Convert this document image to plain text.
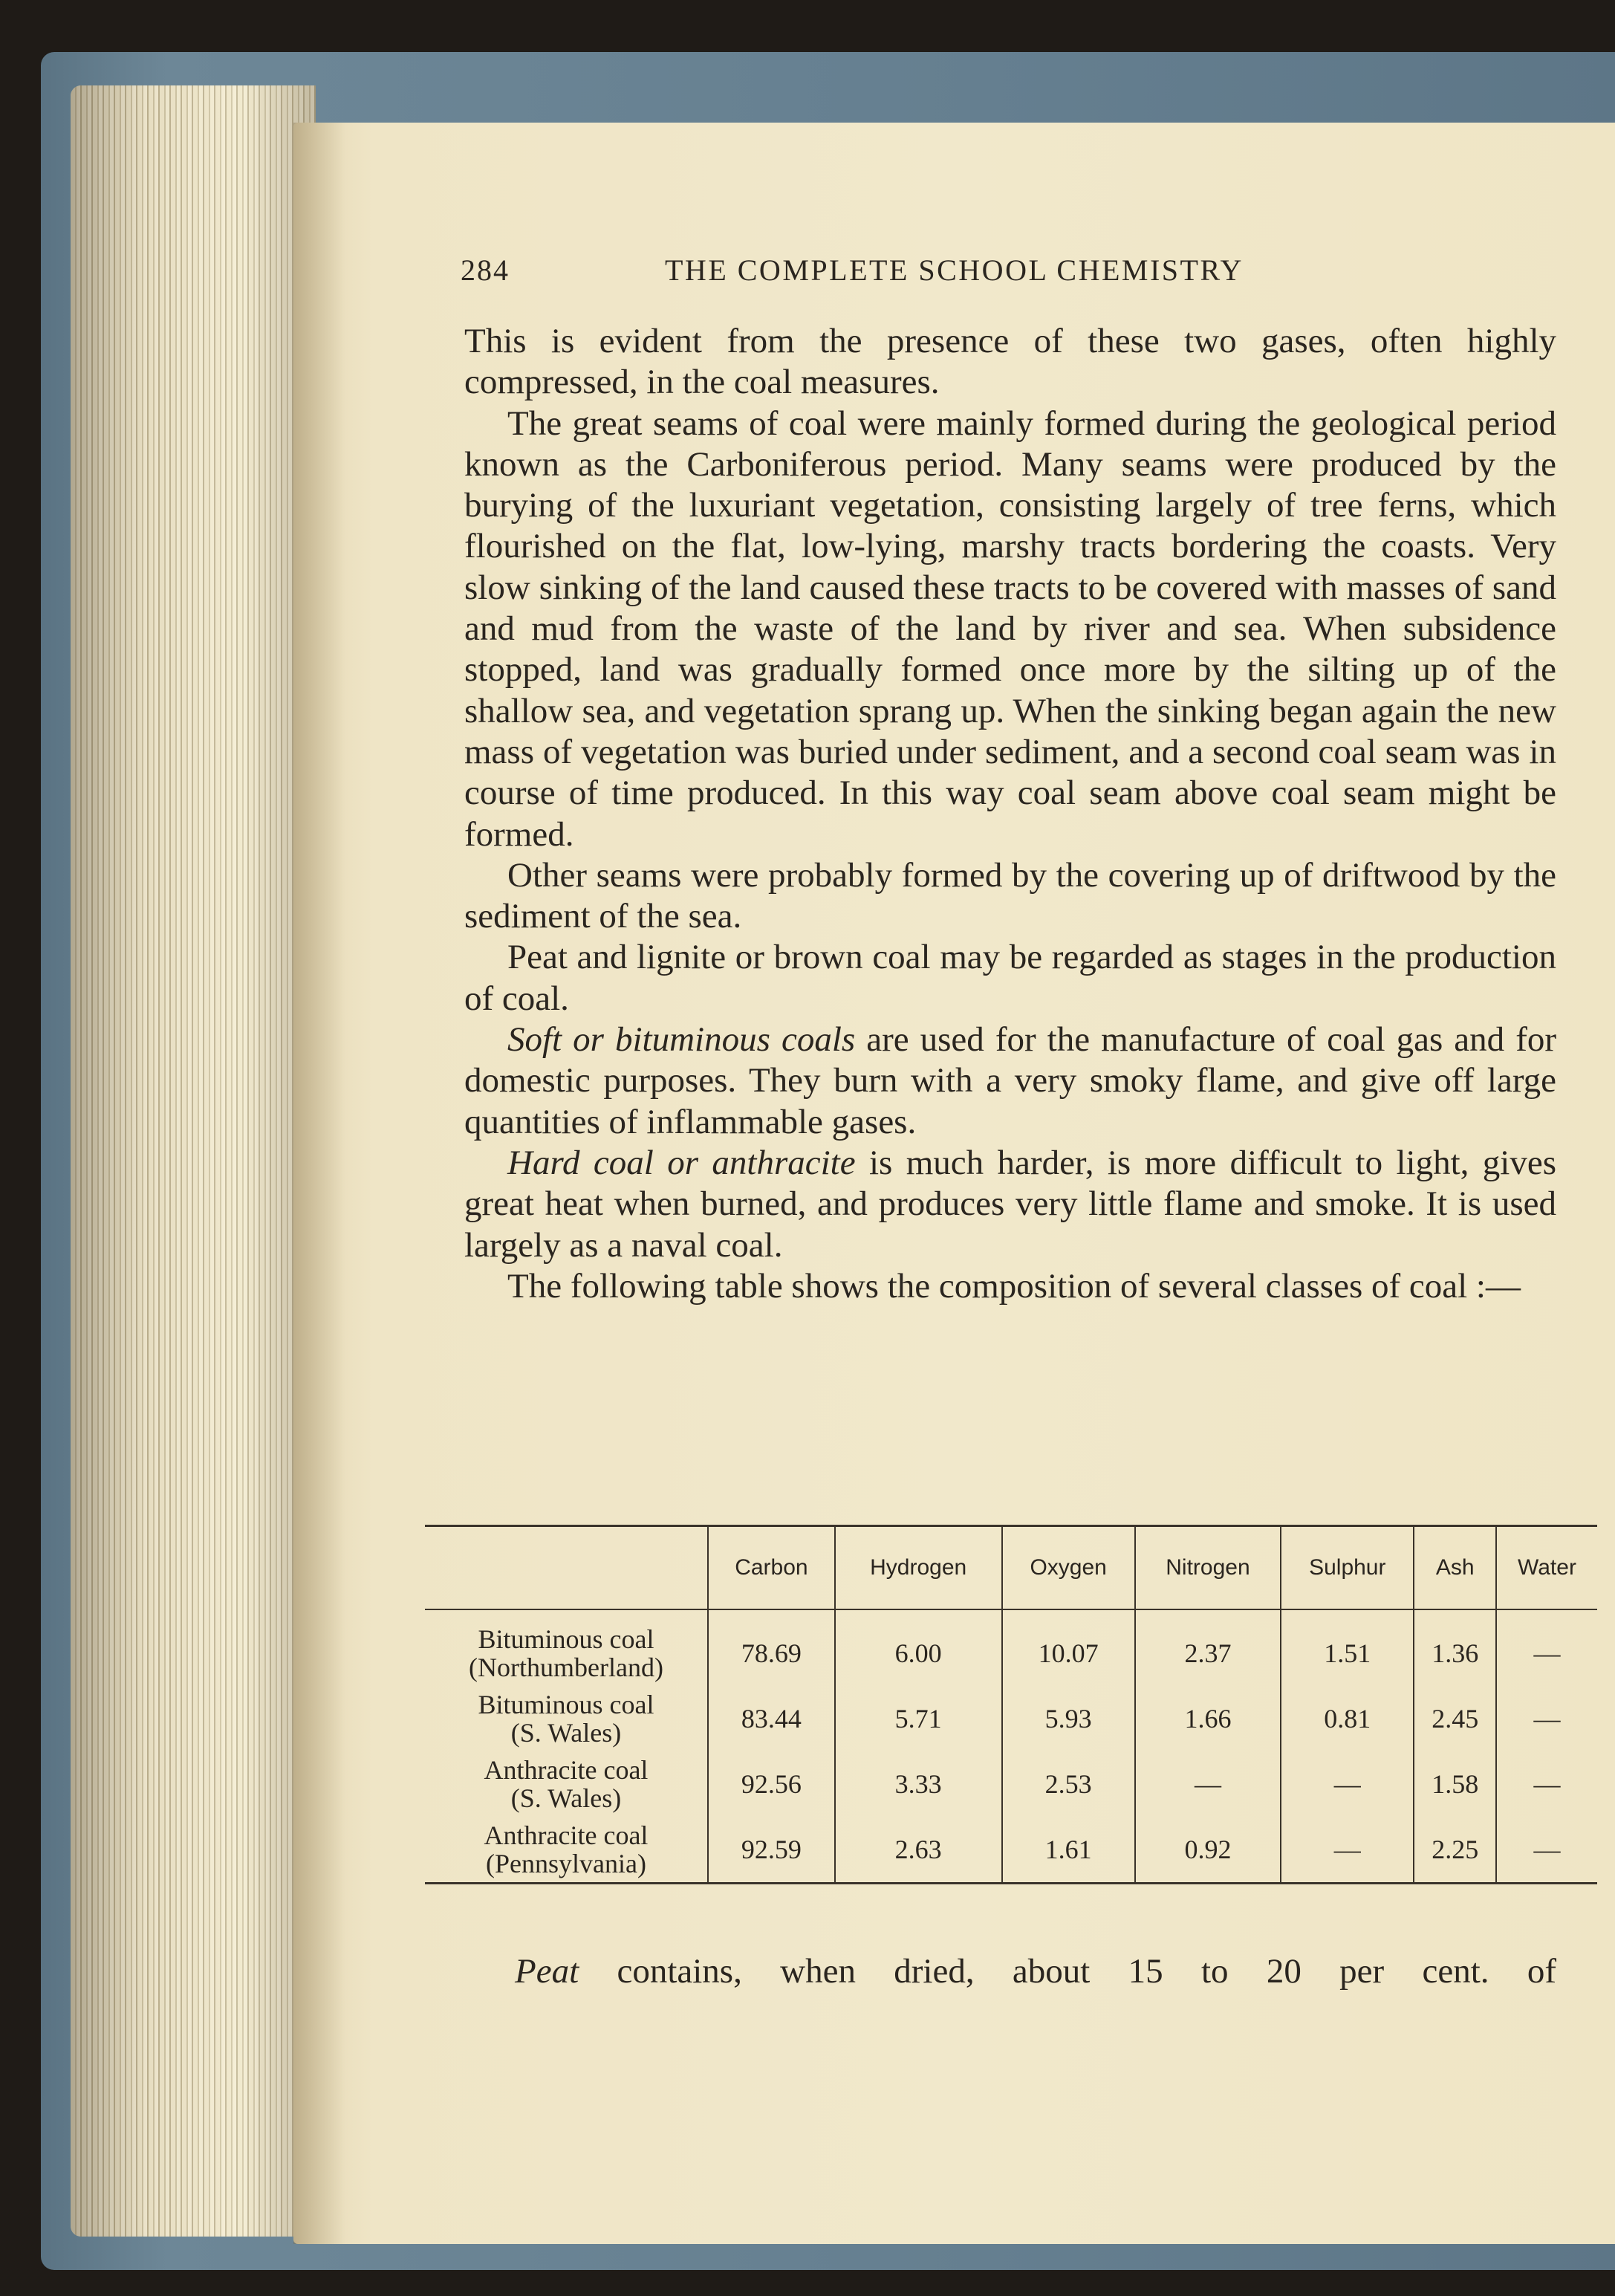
284	THE COMPLETE SCHOOL CHEMISTRY

This is evident from the presence of these two gases, often highly compressed, in the coal measures.

The great seams of coal were mainly formed during the geological period known as the Carboniferous period. Many seams were produced by the burying of the luxuriant vegetation, consisting largely of tree ferns, which flourished on the flat, low-lying, marshy tracts bordering the coasts. Very slow sinking of the land caused these tracts to be covered with masses of sand and mud from the waste of the land by river and sea. When subsidence stopped, land was gradually formed once more by the silting up of the shallow sea, and vegetation sprang up. When the sinking began again the new mass of vegetation was buried under sediment, and a second coal seam was in course of time produced. In this way coal seam above coal seam might be formed.

Other seams were probably formed by the covering up of driftwood by the sediment of the sea.

Peat and lignite or brown coal may be regarded as stages in the production of coal.

Soft or bituminous coals are used for the manufacture of coal gas and for domestic purposes. They burn with a very smoky flame, and give off large quantities of inflammable gases.

Hard coal or anthracite is much harder, is more difficult to light, gives great heat when burned, and produces very little flame and smoke. It is used largely as a naval coal.

The following table shows the composition of several classes of coal :—

	Carbon	Hydrogen	Oxygen	Nitrogen	Sulphur	Ash	Water
Bituminous coal
(Northumberland)	78.69	6.00	10.07	2.37	1.51	1.36	—
Bituminous coal
(S. Wales)	83.44	5.71	5.93	1.66	0.81	2.45	—
Anthracite coal
(S. Wales)	92.56	3.33	2.53	—	—	1.58	—
Anthracite coal
(Pennsylvania)	92.59	2.63	1.61	0.92	—	2.25	—
Peat contains, when dried, about 15 to 20 per cent. of
